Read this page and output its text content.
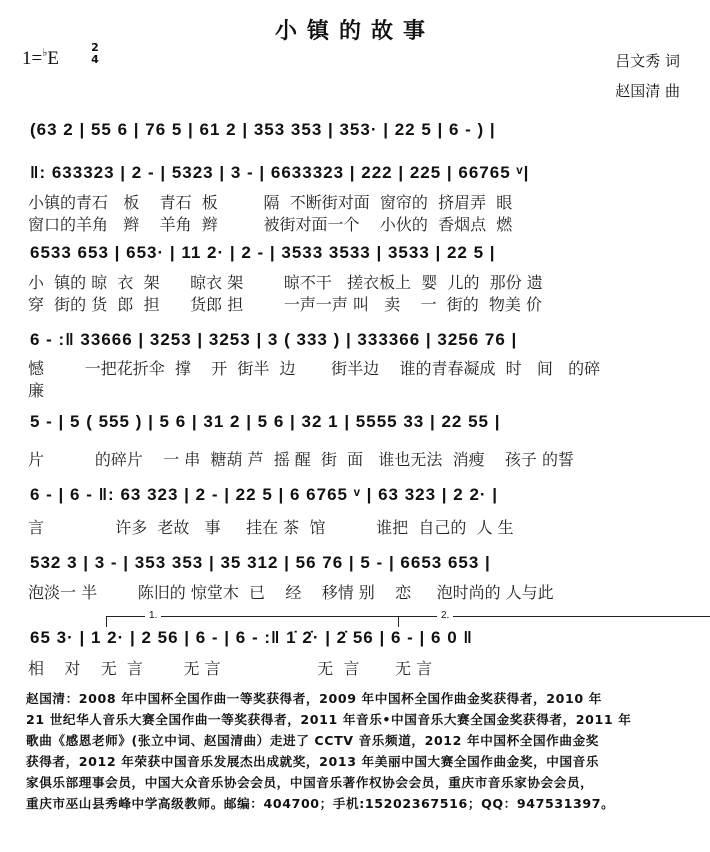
小镇的故事
1=♭E
2
4	吕文秀 词
赵国清 曲
(63 2 | 55 6 | 76 5 | 61 2 | 353 353 | 353· | 22 5 | 6 - ) |
‖: 633323 | 2 - | 5323 | 3 - | 6633323 | 222 | 225 | 66765 ᵛ|
小镇的青石   板    青石  板         隔  不断街对面  窗帘的  挤眉弄  眼
窗口的羊角   辫    羊角  辫         被街对面一个    小伙的  香烟点  燃
6533 653 | 653· | 11 2· | 2 - | 3533 3533 | 3533 | 22 5 |
小  镇的 晾  衣  架      晾衣 架        晾不干   搓衣板上  婴  儿的  那份 遗
穿  街的 货  郎  担      货郎 担        一声一声 叫   卖    一  街的  物美 价
6 - :‖ 33666 | 3253 | 3253 | 3 ( 333 ) | 333366 | 3256 76 |
憾        一把花折伞  撑    开  街半  边       街半边    谁的青春凝成  时   间   的碎
廉
5 - | 5 ( 555 ) | 5 6 | 31 2 | 5 6 | 32 1 | 5555 33 | 22 55 |
片          的碎片    一 串  糖葫 芦  摇 醒  街  面   谁也无法  消瘦    孩子 的誓
6 - | 6 - ‖: 63 323 | 2 - | 22 5 | 6 6765 ᵛ | 63 323 | 2 2· |
言              许多  老故   事     挂在 茶  馆          谁把  自己的  人 生
532 3 | 3 - | 353 353 | 35 312 | 56 76 | 5 - | 6653 653 |
泡淡一 半        陈旧的 惊堂木  已    经    移情 别    恋     泡时尚的 人与此
1.	2.
65 3· | 1 2· | 2 56 | 6 - | 6 - :‖ 1̇ 2̇· | 2̇ 56 | 6 - | 6 0 ‖
相    对    无  言        无 言                   无  言       无 言
赵国清：2008 年中国杯全国作曲一等奖获得者，2009 年中国杯全国作曲金奖获得者，2010 年
21 世纪华人音乐大赛全国作曲一等奖获得者，2011 年音乐•中国音乐大赛全国金奖获得者，2011 年
歌曲《感恩老师》(张立中词、赵国清曲）走进了 CCTV 音乐频道，2012 年中国杯全国作曲金奖
获得者，2012 年荣获中国音乐发展杰出成就奖，2013 年美丽中国大赛全国作曲金奖，中国音乐
家俱乐部理事会员，中国大众音乐协会会员，中国音乐著作权协会会员，重庆市音乐家协会会员，
重庆市巫山县秀峰中学高级教师。邮编：404700；手机:15202367516；QQ：947531397。
